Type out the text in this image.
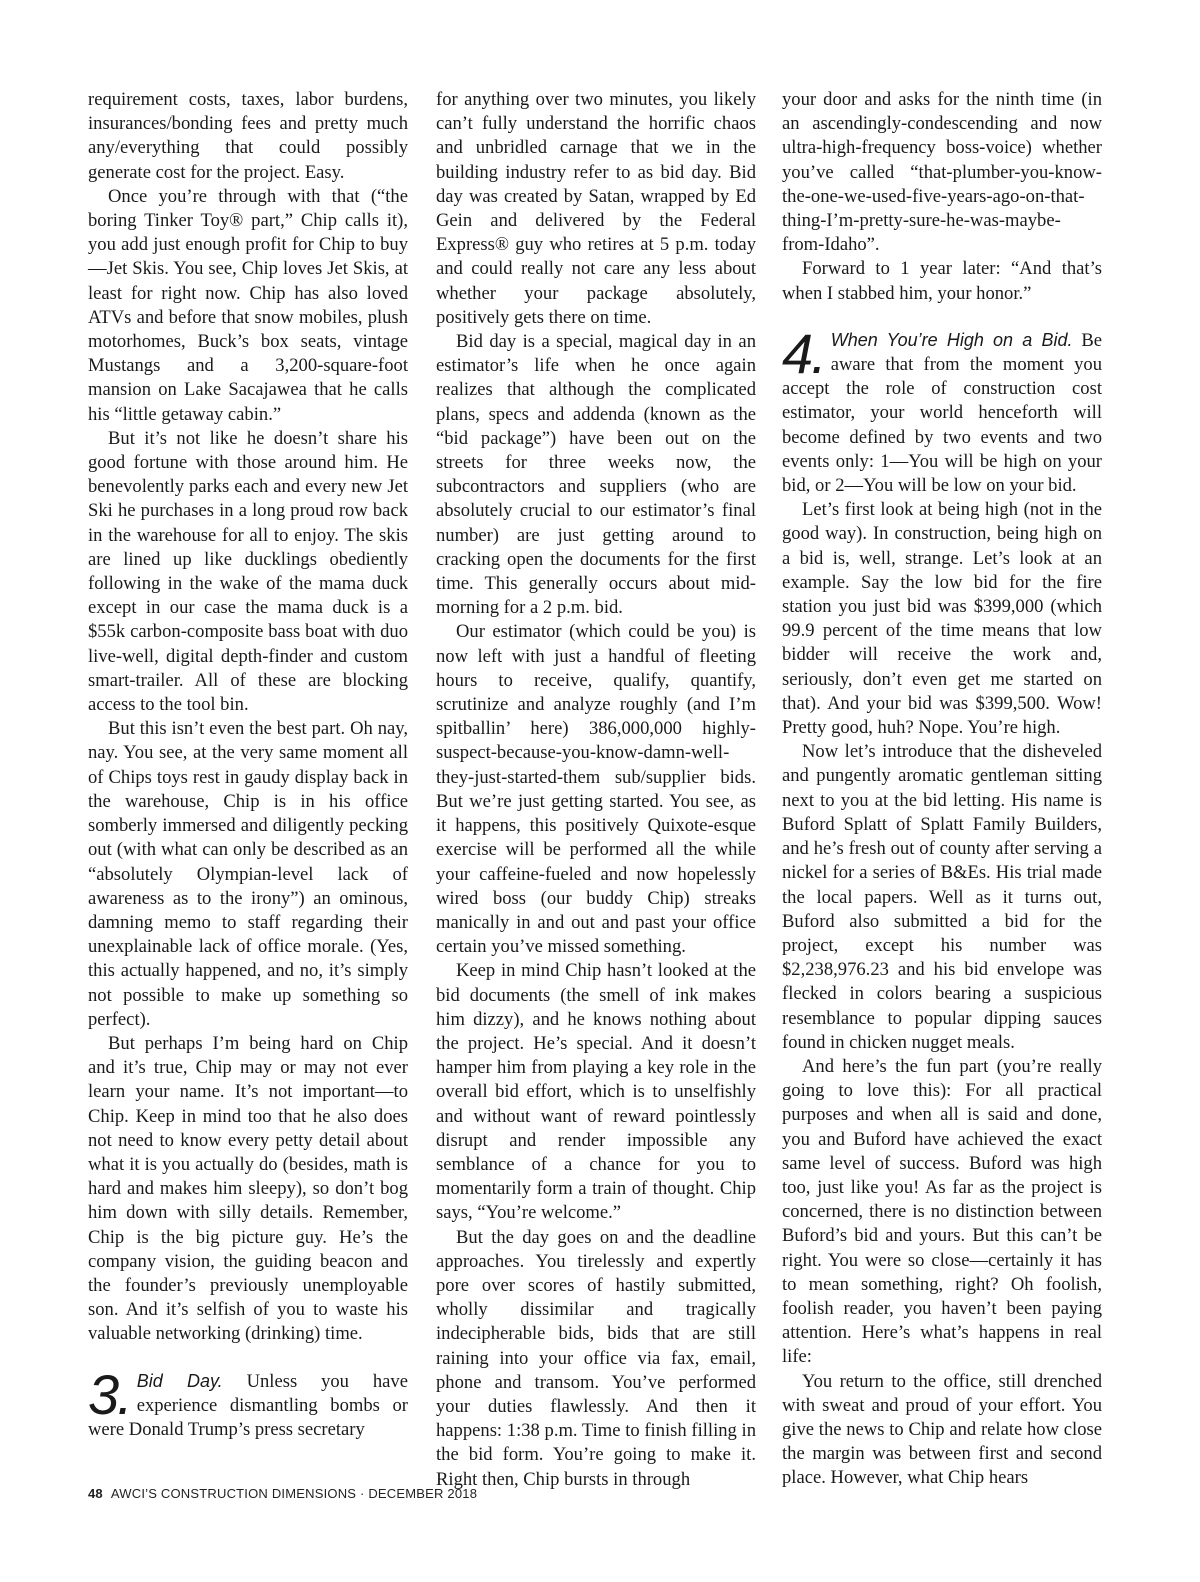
requirement costs, taxes, labor burdens, insurances/bonding fees and pretty much any/everything that could possibly generate cost for the project. Easy.

Once you’re through with that (“the boring Tinker Toy® part,” Chip calls it), you add just enough profit for Chip to buy—Jet Skis. You see, Chip loves Jet Skis, at least for right now. Chip has also loved ATVs and before that snow mobiles, plush motorhomes, Buck’s box seats, vintage Mustangs and a 3,200-square-foot mansion on Lake Sacajawea that he calls his “little getaway cabin.”

But it’s not like he doesn’t share his good fortune with those around him. He benevolently parks each and every new Jet Ski he purchases in a long proud row back in the warehouse for all to enjoy. The skis are lined up like ducklings obediently following in the wake of the mama duck except in our case the mama duck is a $55k carbon-composite bass boat with duo live-well, digital depth-finder and custom smart-trailer. All of these are blocking access to the tool bin.

But this isn’t even the best part. Oh nay, nay. You see, at the very same moment all of Chips toys rest in gaudy display back in the warehouse, Chip is in his office somberly immersed and diligently pecking out (with what can only be described as an “absolutely Olympian-level lack of awareness as to the irony”) an ominous, damning memo to staff regarding their unexplainable lack of office morale. (Yes, this actually happened, and no, it’s simply not possible to make up something so perfect).

But perhaps I’m being hard on Chip and it’s true, Chip may or may not ever learn your name. It’s not important—to Chip. Keep in mind too that he also does not need to know every petty detail about what it is you actually do (besides, math is hard and makes him sleepy), so don’t bog him down with silly details. Remember, Chip is the big picture guy. He’s the company vision, the guiding beacon and the founder’s previously unemployable son. And it’s selfish of you to waste his valuable networking (drinking) time.

3. Bid Day. Unless you have experience dismantling bombs or were Donald Trump’s press secretary

for anything over two minutes, you likely can’t fully understand the horrific chaos and unbridled carnage that we in the building industry refer to as bid day. Bid day was created by Satan, wrapped by Ed Gein and delivered by the Federal Express® guy who retires at 5 p.m. today and could really not care any less about whether your package absolutely, positively gets there on time.

Bid day is a special, magical day in an estimator’s life when he once again realizes that although the complicated plans, specs and addenda (known as the “bid package”) have been out on the streets for three weeks now, the subcontractors and suppliers (who are absolutely crucial to our estimator’s final number) are just getting around to cracking open the documents for the first time. This generally occurs about mid-morning for a 2 p.m. bid.

Our estimator (which could be you) is now left with just a handful of fleeting hours to receive, qualify, quantify, scrutinize and analyze roughly (and I’m spitballin’ here) 386,000,000 highly-suspect-because-you-know-damn-well-they-just-started-them sub/supplier bids. But we’re just getting started. You see, as it happens, this positively Quixote-esque exercise will be performed all the while your caffeine-fueled and now hopelessly wired boss (our buddy Chip) streaks manically in and out and past your office certain you’ve missed something.

Keep in mind Chip hasn’t looked at the bid documents (the smell of ink makes him dizzy), and he knows nothing about the project. He’s special. And it doesn’t hamper him from playing a key role in the overall bid effort, which is to unselfishly and without want of reward pointlessly disrupt and render impossible any semblance of a chance for you to momentarily form a train of thought. Chip says, “You’re welcome.”

But the day goes on and the deadline approaches. You tirelessly and expertly pore over scores of hastily submitted, wholly dissimilar and tragically indecipherable bids, bids that are still raining into your office via fax, email, phone and transom. You’ve performed your duties flawlessly. And then it happens: 1:38 p.m. Time to finish filling in the bid form. You’re going to make it. Right then, Chip bursts in through

your door and asks for the ninth time (in an ascendingly-condescending and now ultra-high-frequency boss-voice) whether you’ve called “that-plumber-you-know-the-one-we-used-five-years-ago-on-that-thing-I’m-pretty-sure-he-was-maybe-from-Idaho”.

Forward to 1 year later: “And that’s when I stabbed him, your honor.”

4. When You’re High on a Bid. Be aware that from the moment you accept the role of construction cost estimator, your world henceforth will become defined by two events and two events only: 1—You will be high on your bid, or 2—You will be low on your bid.

Let’s first look at being high (not in the good way). In construction, being high on a bid is, well, strange. Let’s look at an example. Say the low bid for the fire station you just bid was $399,000 (which 99.9 percent of the time means that low bidder will receive the work and, seriously, don’t even get me started on that). And your bid was $399,500. Wow! Pretty good, huh? Nope. You’re high.

Now let’s introduce that the disheveled and pungently aromatic gentleman sitting next to you at the bid letting. His name is Buford Splatt of Splatt Family Builders, and he’s fresh out of county after serving a nickel for a series of B&Es. His trial made the local papers. Well as it turns out, Buford also submitted a bid for the project, except his number was $2,238,976.23 and his bid envelope was flecked in colors bearing a suspicious resemblance to popular dipping sauces found in chicken nugget meals.

And here’s the fun part (you’re really going to love this): For all practical purposes and when all is said and done, you and Buford have achieved the exact same level of success. Buford was high too, just like you! As far as the project is concerned, there is no distinction between Buford’s bid and yours. But this can’t be right. You were so close—certainly it has to mean something, right? Oh foolish, foolish reader, you haven’t been paying attention. Here’s what’s happens in real life:

You return to the office, still drenched with sweat and proud of your effort. You give the news to Chip and relate how close the margin was between first and second place. However, what Chip hears

48 AWCI’S CONSTRUCTION DIMENSIONS · DECEMBER 2018
